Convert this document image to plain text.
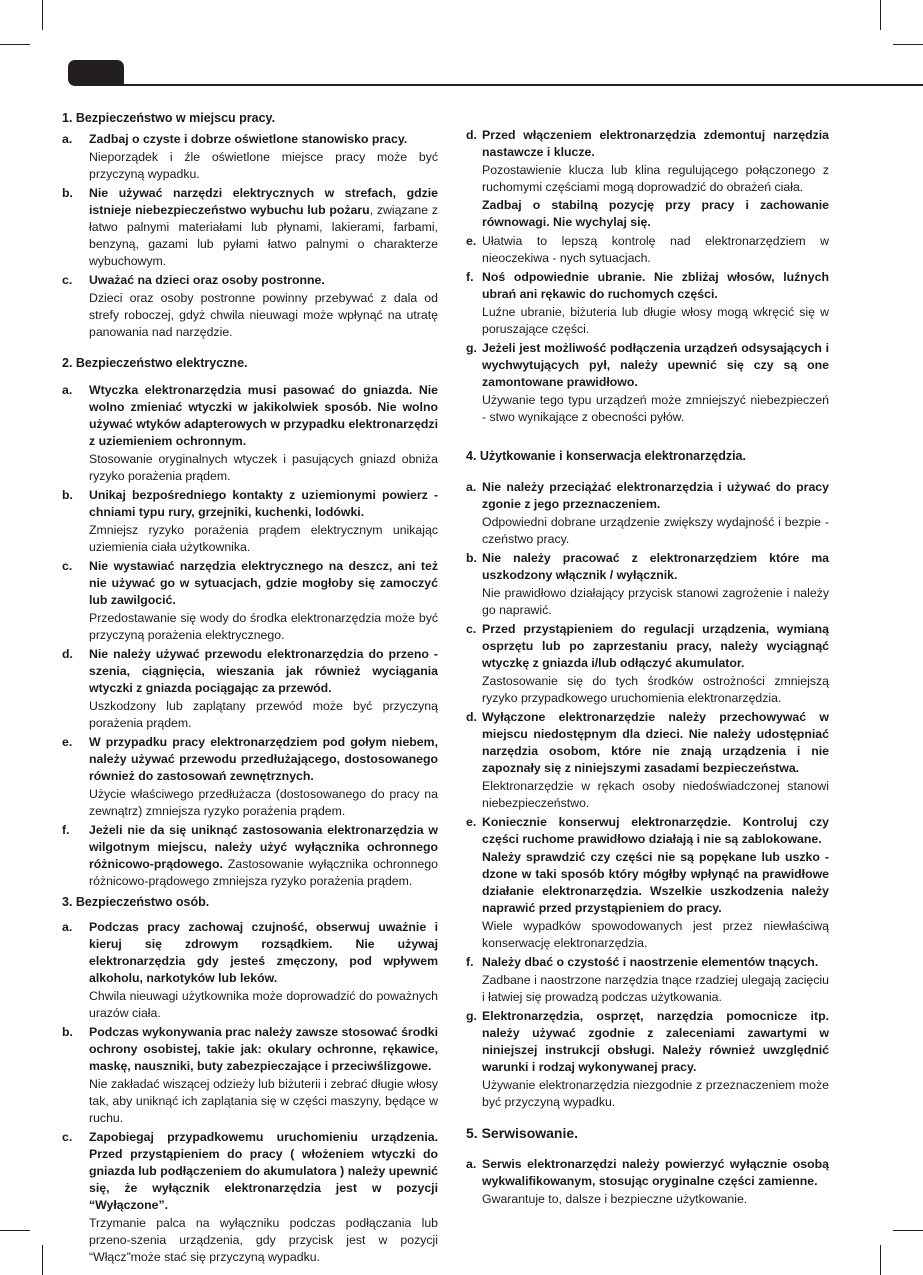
1. Bezpieczeństwo w miejscu pracy.
a. Zadbaj o czyste i dobrze oświetlone stanowisko pracy.

Nieporządek i źle oświetlone miejsce pracy może być przyczyną wypadku.

b. Nie używać narzędzi elektrycznych w strefach, gdzie istnieje niebezpieczeństwo wybuchu lub pożaru, związane z łatwo palnymi materiałami lub płynami, lakierami, farbami, benzyną, gazami lub pyłami łatwo palnymi o charakterze wybuchowym.

c. Uważać na dzieci oraz osoby postronne.

Dzieci oraz osoby postronne powinny przebywać z dala od strefy roboczej, gdyż chwila nieuwagi może wpłynąć na utratę panowania nad narzędzie.

2. Bezpieczeństwo elektryczne.
a. Wtyczka elektronarzędzia musi pasować do gniazda. Nie wolno zmieniać wtyczki w jakikolwiek sposób. Nie wolno używać wtyków adapterowych w przypadku elektronarzędzi z uziemieniem ochronnym.

Stosowanie oryginalnych wtyczek i pasujących gniazd obniża ryzyko porażenia prądem.

b. Unikaj bezpośredniego kontakty z uziemionymi powierz - chniami typu rury, grzejniki, kuchenki, lodówki.

Zmniejsz ryzyko porażenia prądem elektrycznym unikając uziemienia ciała użytkownika.

c. Nie wystawiać narzędzia elektrycznego na deszcz, ani też nie używać go w sytuacjach, gdzie mogłoby się zamoczyć lub zawilgocić.

Przedostawanie się wody do środka elektronarzędzia może być przyczyną porażenia elektrycznego.

d. Nie należy używać przewodu elektronarzędzia do przeno - szenia, ciągnięcia, wieszania jak również wyciągania wtyczki z gniazda pociągając za przewód.

Uszkodzony lub zaplątany przewód może być przyczyną porażenia prądem.

e. W przypadku pracy elektronarzędziem pod gołym niebem, należy używać przewodu przedłużającego, dostosowanego również do zastosowań zewnętrznych.

Użycie właściwego przedłużacza (dostosowanego do pracy na zewnątrz) zmniejsza ryzyko porażenia prądem.

f. Jeżeli nie da się uniknąć zastosowania elektronarzędzia w wilgotnym miejscu, należy użyć wyłącznika ochronnego różnicowo-prądowego. Zastosowanie wyłącznika ochronnego różnicowo-prądowego zmniejsza ryzyko porażenia prądem.

3. Bezpieczeństwo osób.
a. Podczas pracy zachowaj czujność, obserwuj uważnie i kieruj się zdrowym rozsądkiem. Nie używaj elektronarzędzia gdy jesteś zmęczony, pod wpływem alkoholu, narkotyków lub leków.

Chwila nieuwagi użytkownika może doprowadzić do poważnych urazów ciała.

b. Podczas wykonywania prac należy zawsze stosować środki ochrony osobistej, takie jak: okulary ochronne, rękawice, maskę, nauszniki, buty zabezpieczające i przeciwślizgowe.

Nie zakładać wiszącej odzieży lub biżuterii i zebrać długie włosy tak, aby uniknąć ich zaplątania się w części maszyny, będące w ruchu.

c. Zapobiegaj przypadkowemu uruchomieniu urządzenia. Przed przystąpieniem do pracy ( włożeniem wtyczki do gniazda lub podłączeniem do akumulatora ) należy upewnić się, że wyłącznik elektronarzędzia jest w pozycji “Wyłączone”.

Trzymanie palca na wyłączniku podczas podłączania lub przeno-szenia urządzenia, gdy przycisk jest w pozycji “Włącz”może stać się przyczyną wypadku.

d. Przed włączeniem elektronarzędzia zdemontuj narzędzia nastawcze i klucze.

Pozostawienie klucza lub klina regulującego połączonego z ruchomymi częściami mogą doprowadzić do obrażeń ciała.

Zadbaj o stabilną pozycję przy pracy i zachowanie równowagi. Nie wychylaj się.

e. Ułatwia to lepszą kontrolę nad elektronarzędziem w nieoczekiwa - nych sytuacjach.

f. Noś odpowiednie ubranie. Nie zbliżaj włosów, luźnych ubrań ani rękawic do ruchomych części.

Luźne ubranie, biżuteria lub długie włosy mogą wkręcić się w poruszające części.

g. Jeżeli jest możliwość podłączenia urządzeń odsysających i wychwytujących pył, należy upewnić się czy są one zamontowane prawidłowo.

Używanie tego typu urządzeń może zmniejszyć niebezpieczeń - stwo wynikające z obecności pyłów.

4. Użytkowanie i konserwacja elektronarzędzia.
a. Nie należy przeciążać elektronarzędzia i używać do pracy zgonie z jego przeznaczeniem.

Odpowiedni dobrane urządzenie zwiększy wydajność i bezpie - czeństwo pracy.

b. Nie należy pracować z elektronarzędziem które ma uszkodzony włącznik / wyłącznik.

Nie prawidłowo działający przycisk stanowi zagrożenie i należy go naprawić.

c. Przed przystąpieniem do regulacji urządzenia, wymianą osprzętu lub po zaprzestaniu pracy, należy wyciągnąć wtyczkę z gniazda i/lub odłączyć akumulator.

Zastosowanie się do tych środków ostrożności zmniejszą ryzyko przypadkowego uruchomienia elektronarzędzia.

d. Wyłączone elektronarzędzie należy przechowywać w miejscu niedostępnym dla dzieci. Nie należy udostępniać narzędzia osobom, które nie znają urządzenia i nie zapoznały się z niniejszymi zasadami bezpieczeństwa.

Elektronarzędzie w rękach osoby niedoświadczonej stanowi niebezpieczeństwo.

e. Koniecznie konserwuj elektronarzędzie. Kontroluj czy części ruchome prawidłowo działają i nie są zablokowane.

Należy sprawdzić czy części nie są popękane lub uszko - dzone w taki sposób który mógłby wpłynąć na prawidłowe działanie elektronarzędzia. Wszelkie uszkodzenia należy naprawić przed przystąpieniem do pracy.

Wiele wypadków spowodowanych jest przez niewłaściwą konserwację elektronarzędzia.

f. Należy dbać o czystość i naostrzenie elementów tnących.

Zadbane i naostrzone narzędzia tnące rzadziej ulegają zacięciu i łatwiej się prowadzą podczas użytkowania.

g. Elektronarzędzia, osprzęt, narzędzia pomocnicze itp. należy używać zgodnie z zaleceniami zawartymi w niniejszej instrukcji obsługi. Należy również uwzględnić warunki i rodzaj wykonywanej pracy.

Używanie elektronarzędzia niezgodnie z przeznaczeniem może być przyczyną wypadku.

5. Serwisowanie.
a. Serwis elektronarzędzi należy powierzyć wyłącznie osobą wykwalifikowanym, stosując oryginalne części zamienne.

Gwarantuje to, dalsze i bezpieczne użytkowanie.
